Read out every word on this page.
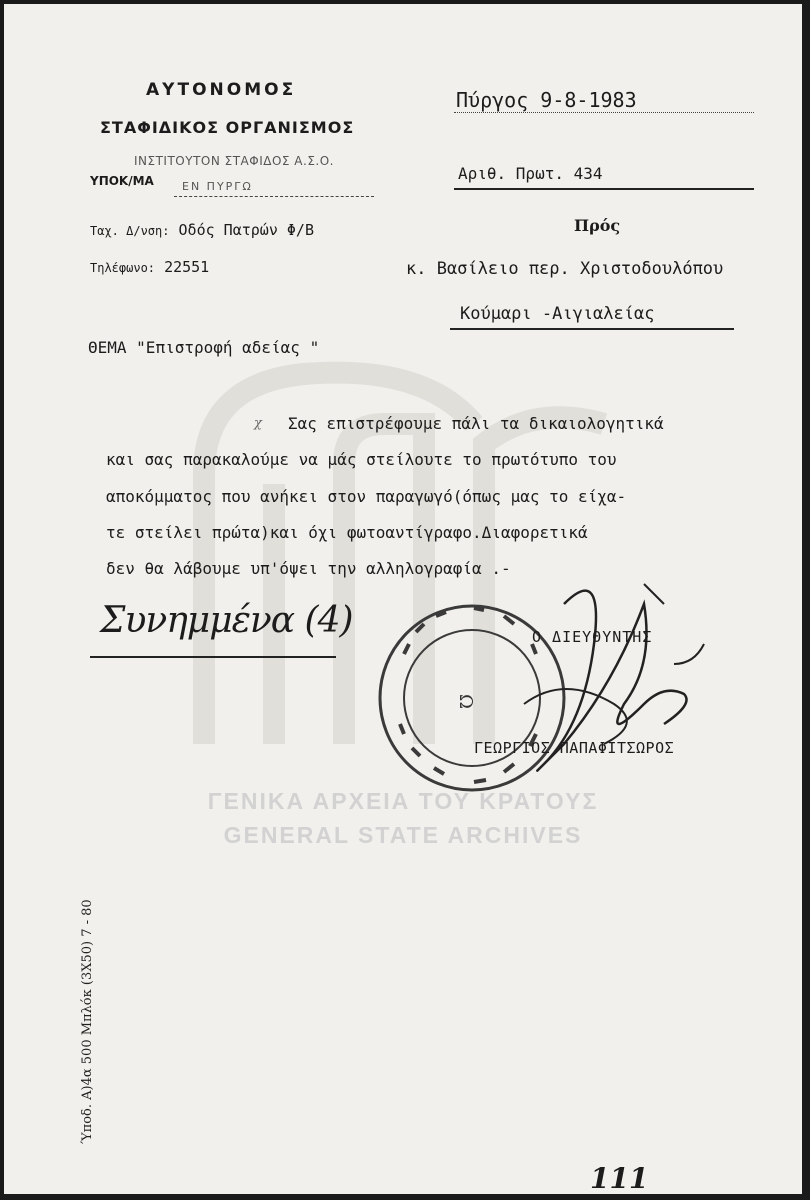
Ω
ΑΥΤΟΝΟΜΟΣ
ΣΤΑΦΙΔΙΚΟΣ ΟΡΓΑΝΙΣΜΟΣ
ΙΝΣΤΙΤΟΥΤΟΝ ΣΤΑΦΙΔΟΣ Α.Σ.Ο.
ΥΠΟΚ/ΜΑ	ΕΝ ΠΥΡΓΩ
Πύργος 9-8-1983
Αριθ. Πρωτ. 434
Ταχ. Δ/νση: Οδός Πατρών Φ/Β
Τηλέφωνο: 22551
Πρός
κ. Βασίλειο περ. Χριστοδουλόπου
Κούμαρι -Αιγιαλείας
ΘΕΜΑ "Επιστροφή αδείας "
χ Σας επιστρέφουμε πάλι τα δικαιολογητικά
και σας παρακαλούμε να μάς στείλουτε το πρωτότυπο του
αποκόμματος που ανήκει στον παραγωγό(όπως μας το είχα-
τε στείλει πρώτα)και όχι φωτοαντίγραφο.Διαφορετικά
δεν θα λάβουμε υπ'όψει την αλληλογραφία .-
Συνημμένα (4)	Ο ΔΙΕΥΘΥΝΤΗΣ
ΓΕΩΡΓΙΟΣ ΠΑΠΑΦΙΤΣΩΡΟΣ
ΓΕΝΙΚΑ ΑΡΧΕΙΑ ΤΟΥ ΚΡΑΤΟΥΣ
GENERAL STATE ARCHIVES
Ύποδ. Α)4α 500 Μπλόκ (3Χ50) 7 - 80
111
